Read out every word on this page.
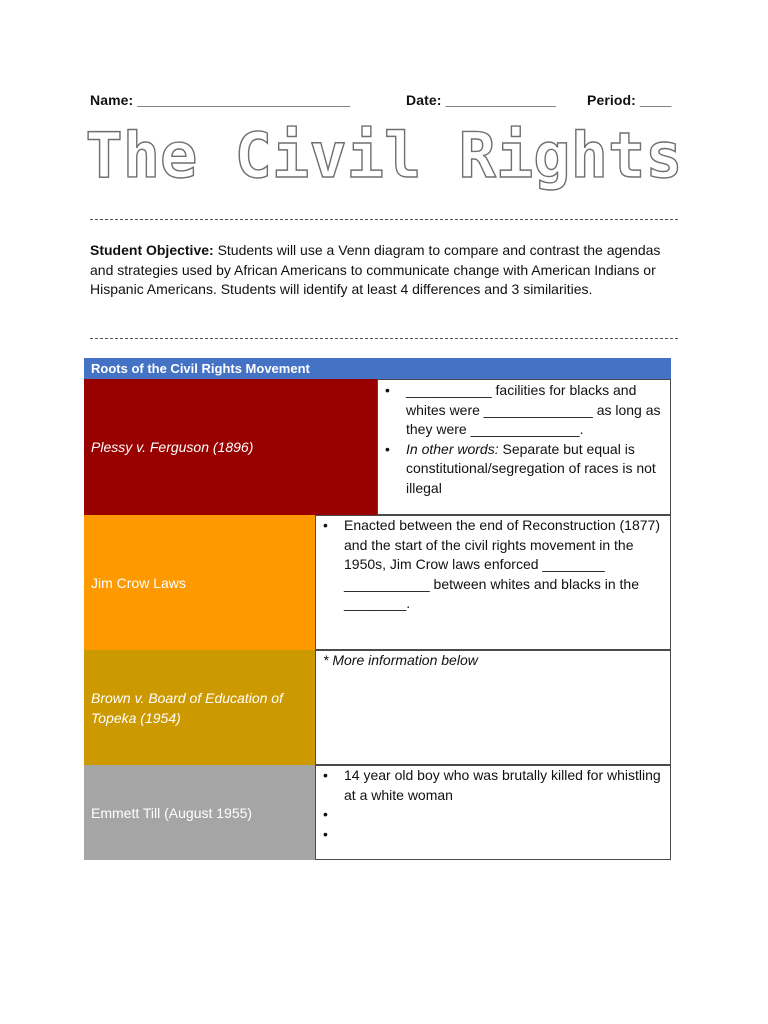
Name: ___________________________	Date: ______________ Period: ____
The Civil Rights
Student Objective: Students will use a Venn diagram to compare and contrast the agendas and strategies used by African Americans to communicate change with American Indians or Hispanic Americans. Students will identify at least 4 differences and 3 similarities.
Roots of the Civil Rights Movement
Plessy v. Ferguson (1896)
• ___________ facilities for blacks and whites were ______________ as long as they were ______________.
• In other words: Separate but equal is constitutional/segregation of races is not illegal
Jim Crow Laws
• Enacted between the end of Reconstruction (1877) and the start of the civil rights movement in the 1950s, Jim Crow laws enforced ________ ___________ between whites and blacks in the ________.
Brown v. Board of Education of Topeka (1954)
* More information below
Emmett Till (August 1955)
• 14 year old boy who was brutally killed for whistling at a white woman
•
•
